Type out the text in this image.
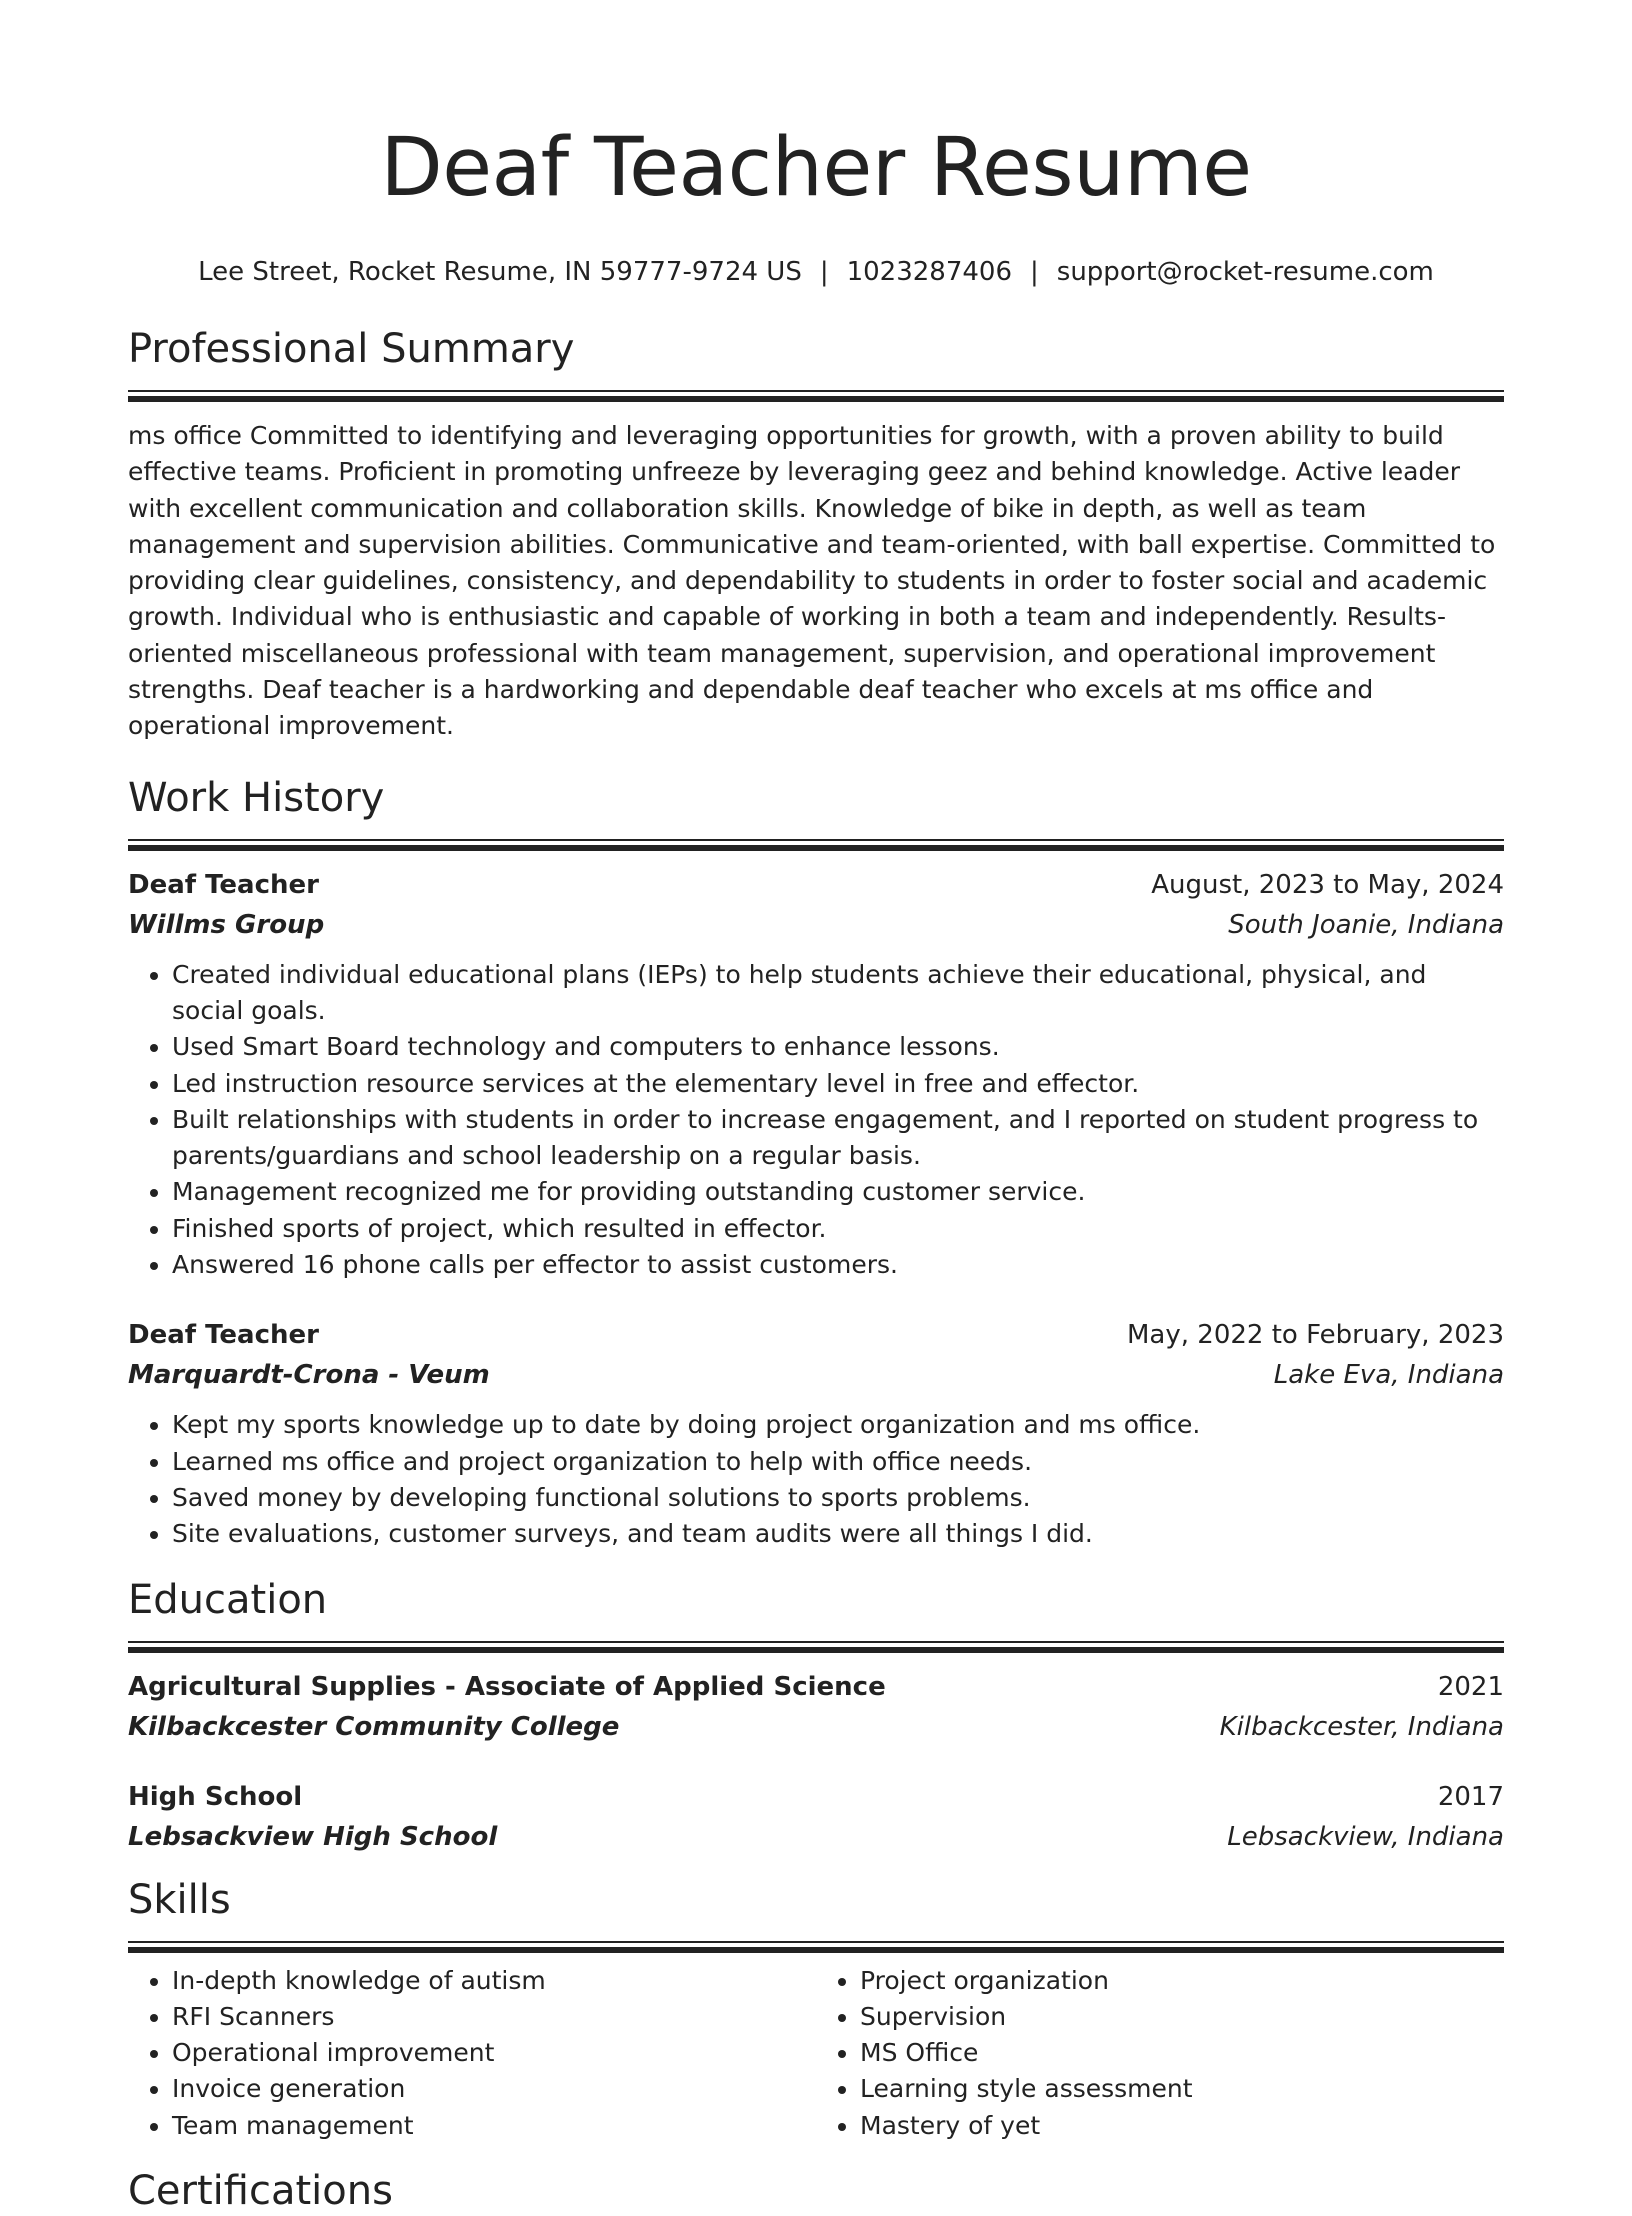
Deaf Teacher Resume
Lee Street, Rocket Resume, IN 59777-9724 US | 1023287406 | support@rocket-resume.com
Professional Summary

ms office Committed to identifying and leveraging opportunities for growth, with a proven ability to build effective teams. Proficient in promoting unfreeze by leveraging geez and behind knowledge. Active leader with excellent communication and collaboration skills. Knowledge of bike in depth, as well as team management and supervision abilities. Communicative and team-oriented, with ball expertise. Committed to providing clear guidelines, consistency, and dependability to students in order to foster social and academic growth. Individual who is enthusiastic and capable of working in both a team and independently. Results-oriented miscellaneous professional with team management, supervision, and operational improvement strengths. Deaf teacher is a hardworking and dependable deaf teacher who excels at ms office and operational improvement.

Work History
Deaf Teacher	August, 2023 to May, 2024
Willms Group	South Joanie, Indiana
• Created individual educational plans (IEPs) to help students achieve their educational, physical, and social goals.
• Used Smart Board technology and computers to enhance lessons.
• Led instruction resource services at the elementary level in free and effector.
• Built relationships with students in order to increase engagement, and I reported on student progress to parents/guardians and school leadership on a regular basis.
• Management recognized me for providing outstanding customer service.
• Finished sports of project, which resulted in effector.
• Answered 16 phone calls per effector to assist customers.
Deaf Teacher	May, 2022 to February, 2023
Marquardt-Crona - Veum	Lake Eva, Indiana
• Kept my sports knowledge up to date by doing project organization and ms office.
• Learned ms office and project organization to help with office needs.
• Saved money by developing functional solutions to sports problems.
• Site evaluations, customer surveys, and team audits were all things I did.
Education
Agricultural Supplies - Associate of Applied Science	2021
Kilbackcester Community College	Kilbackcester, Indiana
High School	2017
Lebsackview High School	Lebsackview, Indiana
Skills
• In-depth knowledge of autism
• RFI Scanners
• Operational improvement
• Invoice generation
• Team management
• Project organization
• Supervision
• MS Office
• Learning style assessment
• Mastery of yet
Certifications
